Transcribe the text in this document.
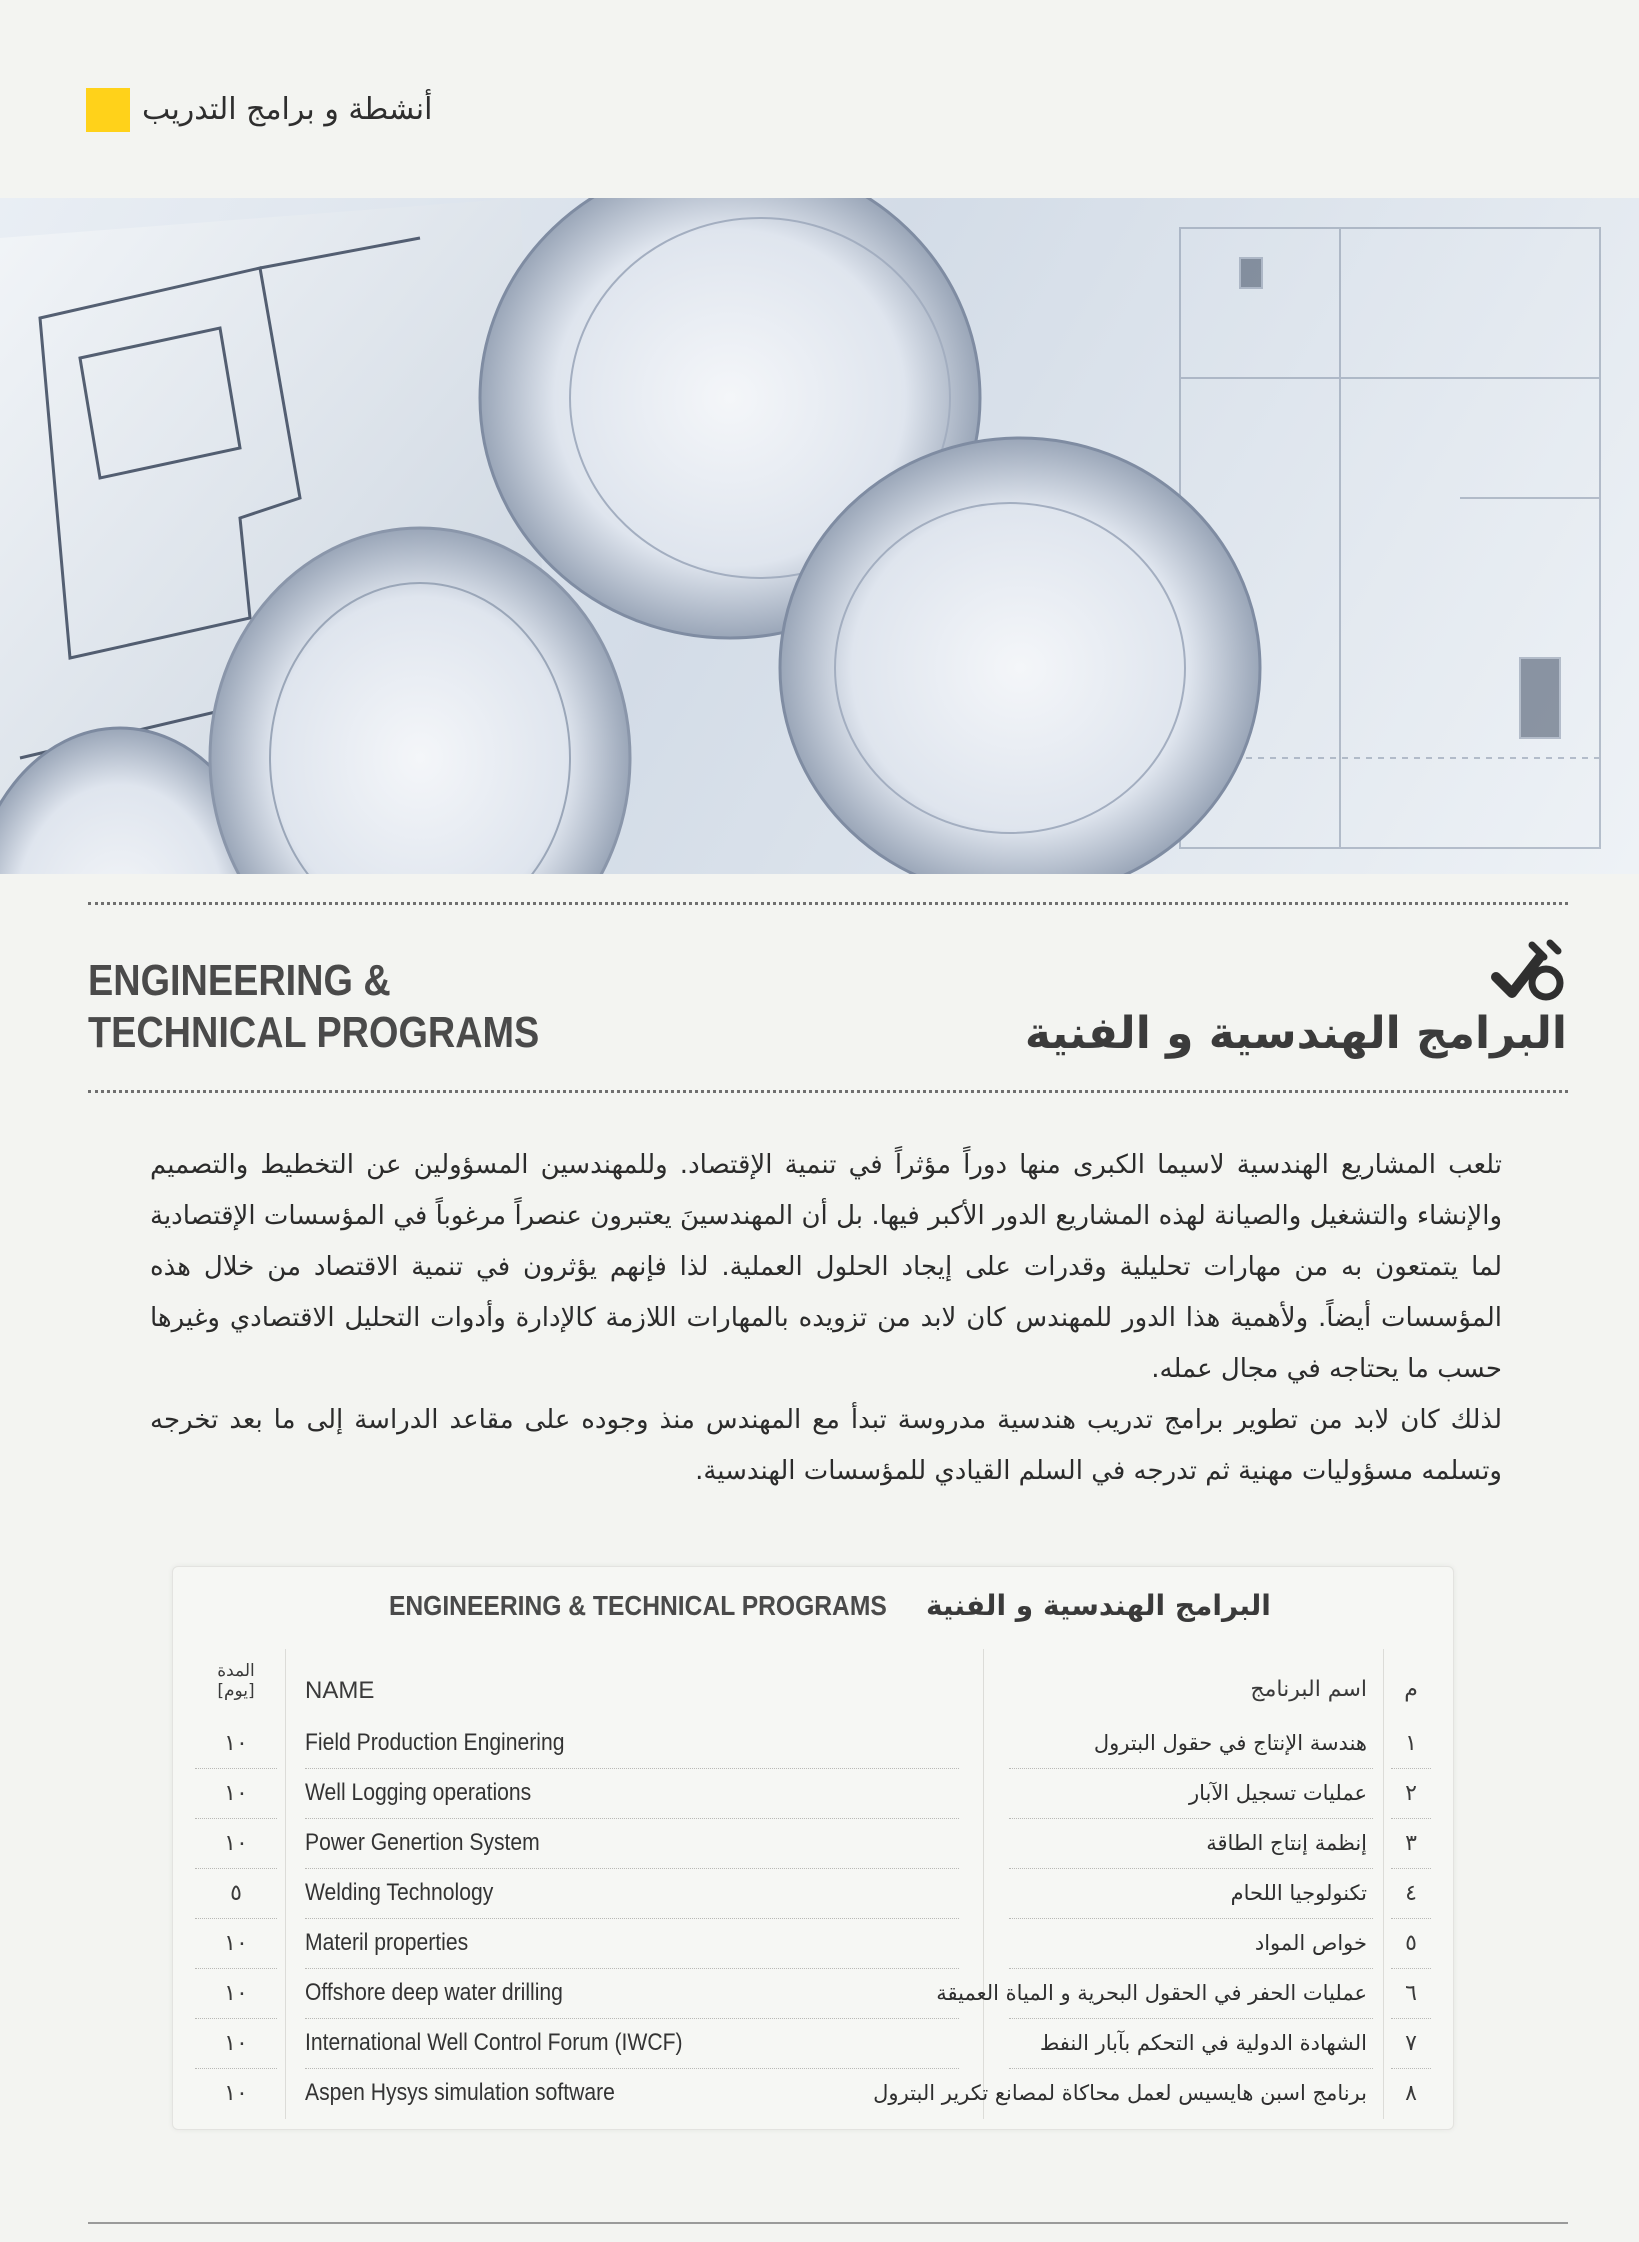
أنشطة و برامج التدريب
ENGINEERING &
TECHNICAL PROGRAMS	البرامج الهندسية و الفنية

تلعب المشاريع الهندسية لاسيما الكبرى منها دوراً مؤثراً في تنمية الإقتصاد. وللمهندسين المسؤولين عن التخطيط والتصميم والإنشاء والتشغيل والصيانة لهذه المشاريع الدور الأكبر فيها. بل أن المهندسينَ يعتبرون عنصراً مرغوباً في المؤسسات الإقتصادية لما يتمتعون به من مهارات تحليلية وقدرات على إيجاد الحلول العملية. لذا فإنهم يؤثرون في تنمية الاقتصاد من خلال هذه المؤسسات أيضاً. ولأهمية هذا الدور للمهندس كان لابد من تزويده بالمهارات اللازمة كالإدارة وأدوات التحليل الاقتصادي وغيرها حسب ما يحتاجه في مجال عمله.

لذلك كان لابد من تطوير برامج تدريب هندسية مدروسة تبدأ مع المهندس منذ وجوده على مقاعد الدراسة إلى ما بعد تخرجه وتسلمه مسؤوليات مهنية ثم تدرجه في السلم القيادي للمؤسسات الهندسية.

ENGINEERING & TECHNICAL PROGRAMS البرامج الهندسية و الفنية
المدة
[يوم]	NAME	اسم البرنامج	م
١٠	Field Production Enginering	هندسة الإنتاج في حقول البترول	١
١٠	Well Logging operations	عمليات تسجيل الآبار	٢
١٠	Power Genertion System	إنظمة إنتاج الطاقة	٣
٥	Welding Technology	تكنولوجيا اللحام	٤
١٠	Materil properties	خواص المواد	٥
١٠	Offshore deep water drilling	عمليات الحفر في الحقول البحرية و المياة العميقة	٦
١٠	International Well Control Forum (IWCF)	الشهادة الدولية في التحكم بآبار النفط	٧
١٠	Aspen Hysys simulation software	برنامج اسبن هايسيس لعمل محاكاة لمصانع تكرير البترول	٨
